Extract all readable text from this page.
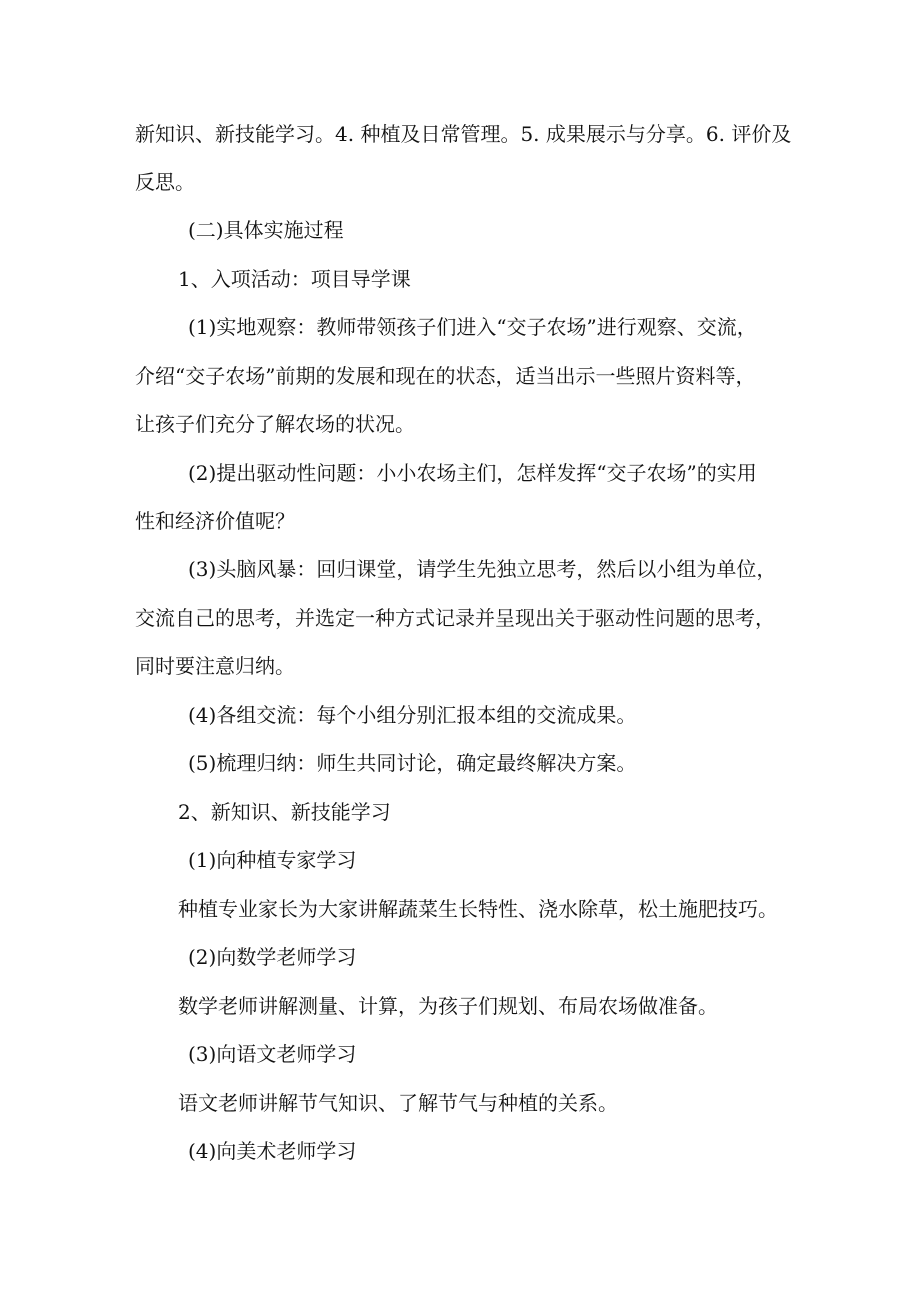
新知识、新技能学习。4. 种植及日常管理。5. 成果展示与分享。6. 评价及
反思。
(二)具体实施过程
1、入项活动：项目导学课
(1)实地观察：教师带领孩子们进入“交子农场”进行观察、交流，
介绍“交子农场”前期的发展和现在的状态，适当出示一些照片资料等，
让孩子们充分了解农场的状况。
(2)提出驱动性问题：小小农场主们，怎样发挥“交子农场”的实用
性和经济价值呢？
(3)头脑风暴：回归课堂，请学生先独立思考，然后以小组为单位，
交流自己的思考，并选定一种方式记录并呈现出关于驱动性问题的思考，
同时要注意归纳。
(4)各组交流：每个小组分别汇报本组的交流成果。
(5)梳理归纳：师生共同讨论，确定最终解决方案。
2、新知识、新技能学习
(1)向种植专家学习
种植专业家长为大家讲解蔬菜生长特性、浇水除草，松土施肥技巧。
(2)向数学老师学习
数学老师讲解测量、计算，为孩子们规划、布局农场做准备。
(3)向语文老师学习
语文老师讲解节气知识、了解节气与种植的关系。
(4)向美术老师学习
